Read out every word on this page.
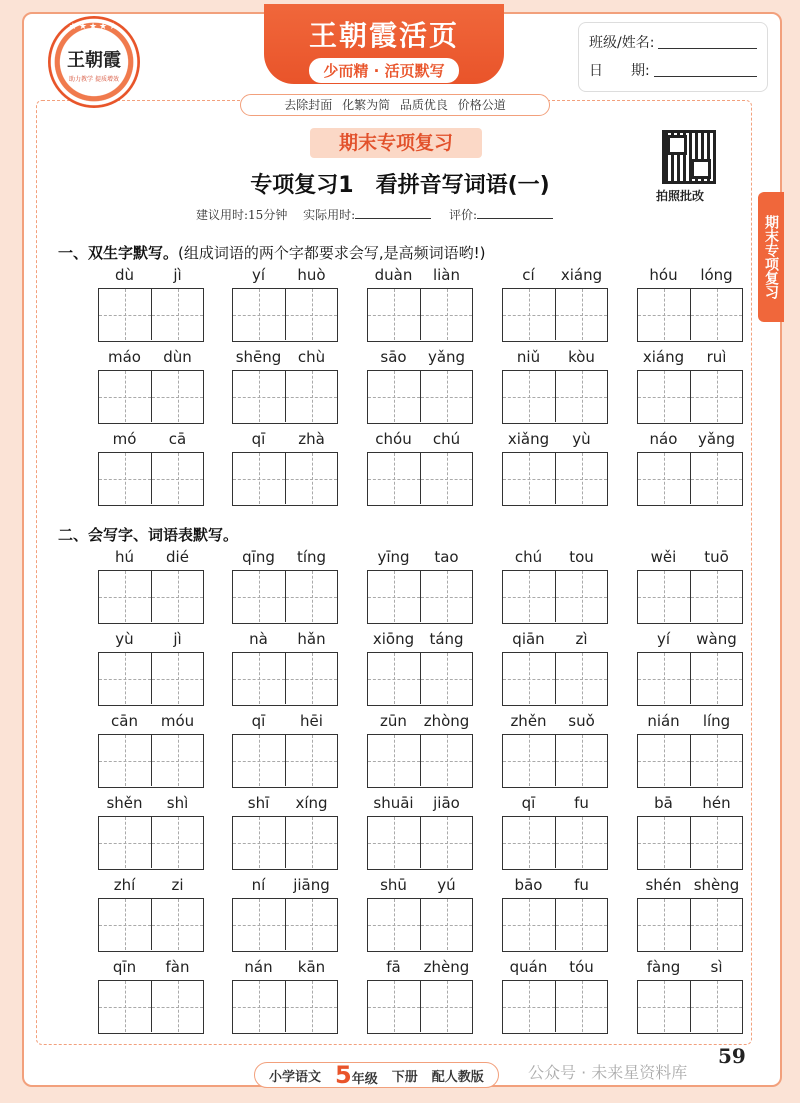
★★★★★
王朝霞
助力教学 提质增效
王朝霞活页
少而精 · 活页默写
去除封面 化繁为简 品质优良 价格公道
班级/姓名:
日　　期:
期末专项复习
专项复习1　看拼音写词语(一)
建议用时:15分钟　 实际用时:	评价:
拍照批改
期末专项复习
一、双生字默写。(组成词语的两个字都要求会写,是高频词语哟!)
dù	jì	yí	huò	duàn	liàn	cí	xiáng	hóu	lóng
máo	dùn	shēng	chù	sāo	yǎng	niǔ	kòu	xiáng	ruì
mó	cā	qī	zhà	chóu	chú	xiǎng	yù	náo	yǎng
二、会写字、词语表默写。
hú	dié	qīng	tíng	yīng	tao	chú	tou	wěi	tuō
yù	jì	nà	hǎn	xiōng	táng	qiān	zì	yí	wàng
cān	móu	qī	hēi	zūn	zhòng	zhěn	suǒ	nián	líng
shěn	shì	shī	xíng	shuāi	jiāo	qī	fu	bā	hén
zhí	zi	ní	jiāng	shū	yú	bāo	fu	shén shèng
qīn	fàn	nán	kān	fā	zhèng	quán	tóu	fàng	sì
59
小学语文 5年级 下册 配人教版	公众号 · 未来星资料库
